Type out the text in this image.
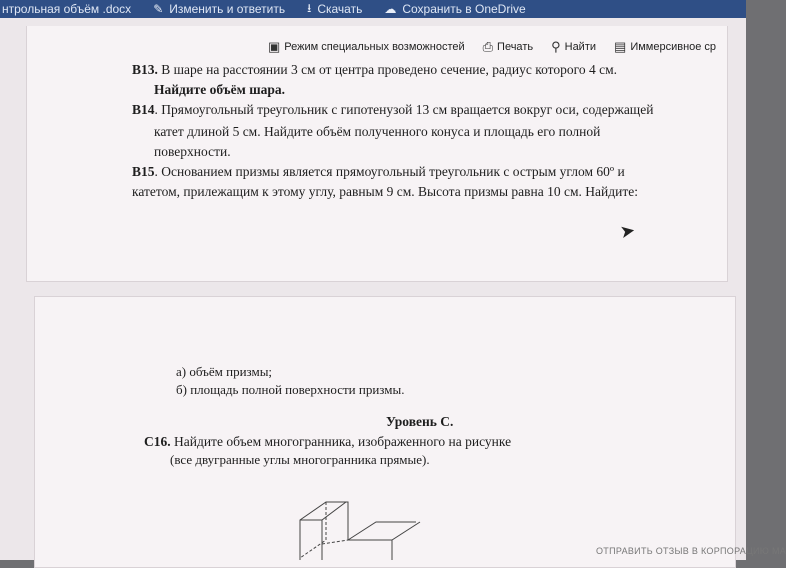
нтрольная объём .docx ✎ Изменить и ответить ⭳ Скачать ☁ Сохранить в OneDrive
▣ Режим специальных возможностей ⎙ Печать ⚲ Найти ▤ Иммерсивное ср
B13. В шаре на расстоянии 3 см от центра проведено сечение, радиус которого 4 см.
Найдите объём шара.
B14. Прямоугольный треугольник с гипотенузой 13 см вращается вокруг оси, содержащей
катет длиной 5 см. Найдите объём полученного конуса и площадь его полной
поверхности.
B15. Основанием призмы является прямоугольный треугольник с острым углом 60º и
катетом, прилежащим к этому углу, равным 9 см. Высота призмы равна 10 см. Найдите:
➤
а) объём призмы;
б) площадь полной поверхности призмы.
Уровень С.
С16. Найдите объем многогранника, изображенного на рисунке
(все двугранные углы многогранника прямые).
ОТПРАВИТЬ ОТЗЫВ В КОРПОРАЦИЮ МА
